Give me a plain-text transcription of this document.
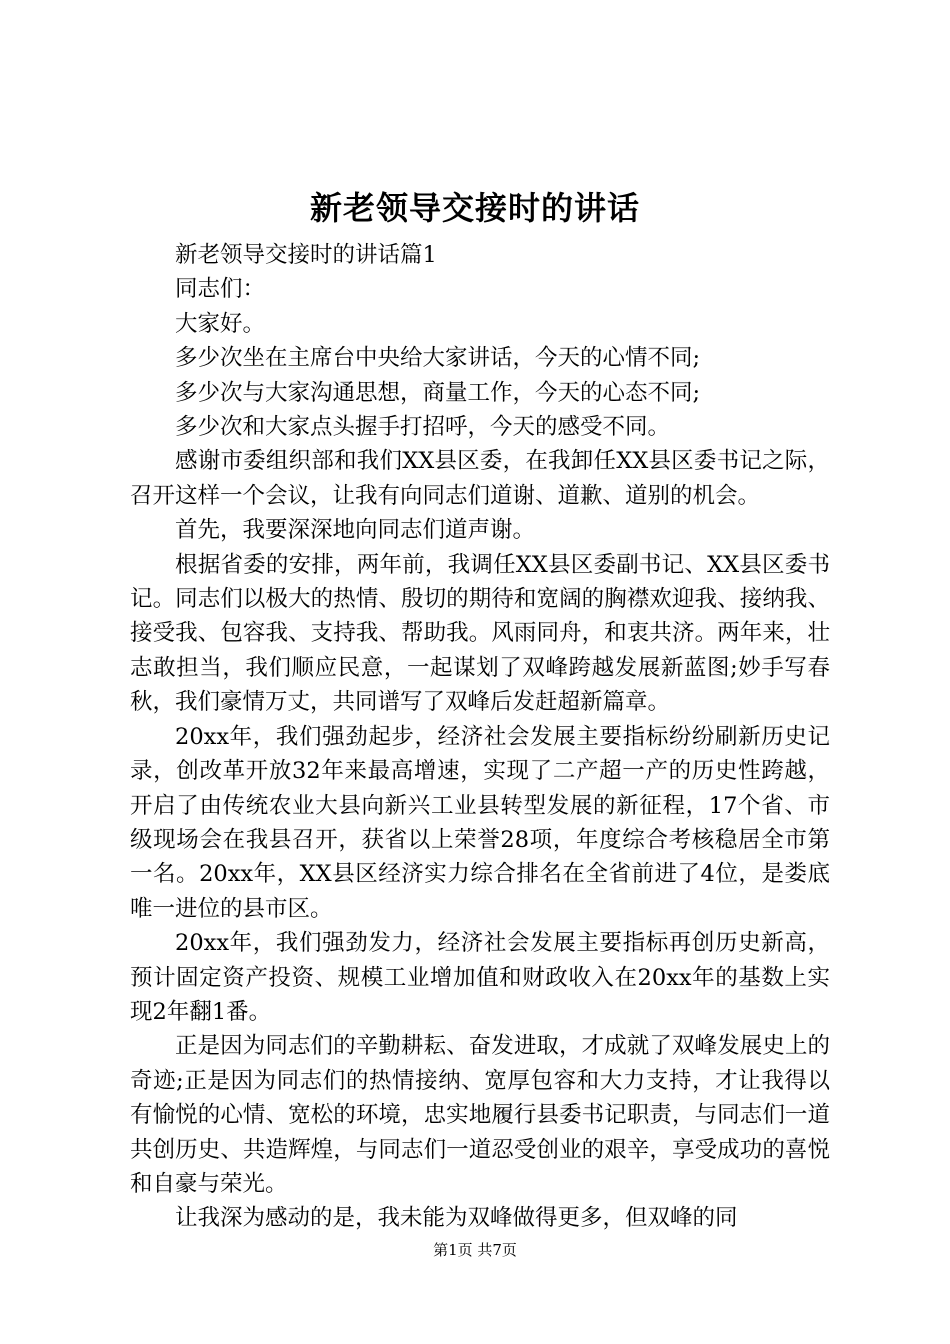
新老领导交接时的讲话

新老领导交接时的讲话篇1

同志们：

大家好。

多少次坐在主席台中央给大家讲话，今天的心情不同;

多少次与大家沟通思想，商量工作，今天的心态不同;

多少次和大家点头握手打招呼，今天的感受不同。

感谢市委组织部和我们XX县区委，在我卸任XX县区委书记之际，召开这样一个会议，让我有向同志们道谢、道歉、道别的机会。

首先，我要深深地向同志们道声谢。

根据省委的安排，两年前，我调任XX县区委副书记、XX县区委书记。同志们以极大的热情、殷切的期待和宽阔的胸襟欢迎我、接纳我、接受我、包容我、支持我、帮助我。风雨同舟，和衷共济。两年来，壮志敢担当，我们顺应民意，一起谋划了双峰跨越发展新蓝图;妙手写春秋，我们豪情万丈，共同谱写了双峰后发赶超新篇章。

20xx年，我们强劲起步，经济社会发展主要指标纷纷刷新历史记录，创改革开放32年来最高增速，实现了二产超一产的历史性跨越，开启了由传统农业大县向新兴工业县转型发展的新征程，17个省、市级现场会在我县召开，获省以上荣誉28项，年度综合考核稳居全市第一名。20xx年，XX县区经济实力综合排名在全省前进了4位，是娄底唯一进位的县市区。

20xx年，我们强劲发力，经济社会发展主要指标再创历史新高，预计固定资产投资、规模工业增加值和财政收入在20xx年的基数上实现2年翻1番。

正是因为同志们的辛勤耕耘、奋发进取，才成就了双峰发展史上的奇迹;正是因为同志们的热情接纳、宽厚包容和大力支持，才让我得以有愉悦的心情、宽松的环境，忠实地履行县委书记职责，与同志们一道共创历史、共造辉煌，与同志们一道忍受创业的艰辛，享受成功的喜悦和自豪与荣光。

让我深为感动的是，我未能为双峰做得更多，但双峰的同

第1页 共7页
